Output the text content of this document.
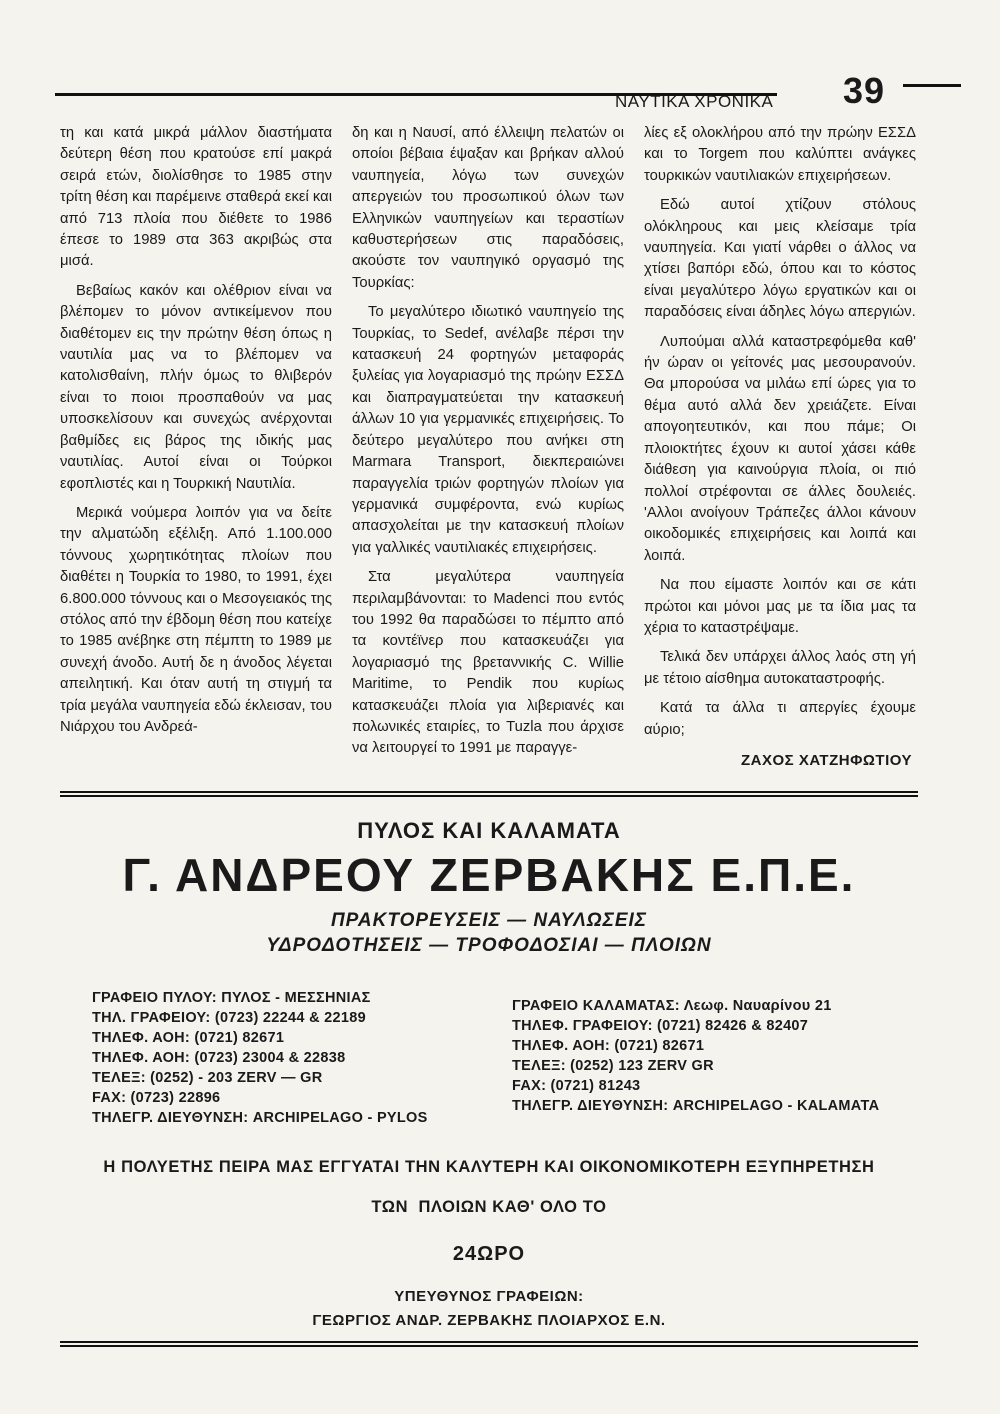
ΝΑΥΤΙΚΑ ΧΡΟΝΙΚΑ 39

τη και κατά μικρά μάλλον διαστήματα δεύτερη θέση που κρατούσε επί μακρά σειρά ετών, διολίσθησε το 1985 στην τρίτη θέση και παρέμεινε σταθερά εκεί και από 713 πλοία που διέθετε το 1986 έπεσε το 1989 στα 363 ακριβώς στα μισά.

Βεβαίως κακόν και ολέθριον είναι να βλέπομεν το μόνον αντικείμενον που διαθέτομεν εις την πρώτην θέση όπως η ναυτιλία μας να το βλέπομεν να κατολισθαίνη, πλήν όμως το θλιβερόν είναι το ποιοι προσπαθούν να μας υποσκελίσουν και συνεχώς ανέρχονται βαθμίδες εις βάρος της ιδικής μας ναυτιλίας. Αυτοί είναι οι Τούρκοι εφοπλιστές και η Τουρκική Ναυτιλία.

Μερικά νούμερα λοιπόν για να δείτε την αλματώδη εξέλιξη. Από 1.100.000 τόννους χωρητικότητας πλοίων που διαθέτει η Τουρκία το 1980, το 1991, έχει 6.800.000 τόννους και ο Μεσογειακός της στόλος από την έβδομη θέση που κατείχε το 1985 ανέβηκε στη πέμπτη το 1989 με συνεχή άνοδο. Αυτή δε η άνοδος λέγεται απειλητική. Και όταν αυτή τη στιγμή τα τρία μεγάλα ναυπηγεία εδώ έκλεισαν, του Νιάρχου του Ανδρεά-

δη και η Ναυσί, από έλλειψη πελατών οι οποίοι βέβαια έψαξαν και βρήκαν αλλού ναυπηγεία, λόγω των συνεχών απεργειών του προσωπικού όλων των Ελληνικών ναυπηγείων και τεραστίων καθυστερήσεων στις παραδόσεις, ακούστε τον ναυπηγικό οργασμό της Τουρκίας:

Το μεγαλύτερο ιδιωτικό ναυπηγείο της Τουρκίας, το Sedef, ανέλαβε πέρσι την κατασκευή 24 φορτηγών μεταφοράς ξυλείας για λογαριασμό της πρώην ΕΣΣΔ και διαπραγματεύεται την κατασκευή άλλων 10 για γερμανικές επιχειρήσεις. Το δεύτερο μεγαλύτερο που ανήκει στη Marmara Transport, διεκπεραιώνει παραγγελία τριών φορτηγών πλοίων για γερμανικά συμφέροντα, ενώ κυρίως απασχολείται με την κατασκευή πλοίων για γαλλικές ναυτιλιακές επιχειρήσεις.

Στα μεγαλύτερα ναυπηγεία περιλαμβάνονται: το Madenci που εντός του 1992 θα παραδώσει το πέμπτο από τα κοντέϊνερ που κατασκευάζει για λογαριασμό της βρεταννικής C. Willie Maritime, το Pendik που κυρίως κατασκευάζει πλοία για λιβεριανές και πολωνικές εταιρίες, το Tuzla που άρχισε να λειτουργεί το 1991 με παραγγε-

λίες εξ ολοκλήρου από την πρώην ΕΣΣΔ και το Torgem που καλύπτει ανάγκες τουρκικών ναυτιλιακών επιχειρήσεων.

Εδώ αυτοί χτίζουν στόλους ολόκληρους και μεις κλείσαμε τρία ναυπηγεία. Και γιατί νάρθει ο άλλος να χτίσει βαπόρι εδώ, όπου και το κόστος είναι μεγαλύτερο λόγω εργατικών και οι παραδόσεις είναι άδηλες λόγω απεργιών.

Λυπούμαι αλλά καταστρεφόμεθα καθ' ήν ώραν οι γείτονές μας μεσουρανούν. Θα μπορούσα να μιλάω επί ώρες για το θέμα αυτό αλλά δεν χρειάζετε. Είναι απογοητευτικόν, και που πάμε; Οι πλοιοκτήτες έχουν κι αυτοί χάσει κάθε διάθεση για καινούργια πλοία, οι πιό πολλοί στρέφονται σε άλλες δουλειές. 'Αλλοι ανοίγουν Τράπεζες άλλοι κάνουν οικοδομικές επιχειρήσεις και λοιπά και λοιπά.

Να που είμαστε λοιπόν και σε κάτι πρώτοι και μόνοι μας με τα ίδια μας τα χέρια το καταστρέψαμε.

Τελικά δεν υπάρχει άλλος λαός στη γή με τέτοιο αίσθημα αυτοκαταστροφής.

Κατά τα άλλα τι απεργίες έχουμε αύριο;

ΖΑΧΟΣ ΧΑΤΖΗΦΩΤΙΟΥ
ΠΥΛΟΣ ΚΑΙ ΚΑΛΑΜΑΤΑ
Γ. ΑΝΔΡΕΟΥ ΖΕΡΒΑΚΗΣ Ε.Π.Ε.
ΠΡΑΚΤΟΡΕΥΣΕΙΣ — ΝΑΥΛΩΣΕΙΣ
ΥΔΡΟΔΟΤΗΣΕΙΣ — ΤΡΟΦΟΔΟΣΙΑΙ — ΠΛΟΙΩΝ
ΓΡΑΦΕΙΟ ΠΥΛΟΥ: ΠΥΛΟΣ - ΜΕΣΣΗΝΙΑΣ
ΤΗΛ. ΓΡΑΦΕΙΟΥ: (0723) 22244 & 22189
ΤΗΛΕΦ. ΑΟΗ: (0721) 82671
ΤΗΛΕΦ. ΑΟΗ: (0723) 23004 & 22838
ΤΕΛΕΞ: (0252) - 203 ZERV — GR
FAX: (0723) 22896
ΤΗΛΕΓΡ. ΔΙΕΥΘΥΝΣΗ: ARCHIPELAGO - PYLOS
ΓΡΑΦΕΙΟ ΚΑΛΑΜΑΤΑΣ: Λεωφ. Ναυαρίνου 21
ΤΗΛΕΦ. ΓΡΑΦΕΙΟΥ: (0721) 82426 & 82407
ΤΗΛΕΦ. ΑΟΗ: (0721) 82671
ΤΕΛΕΞ: (0252) 123 ZERV GR
FAX: (0721) 81243
ΤΗΛΕΓΡ. ΔΙΕΥΘΥΝΣΗ: ARCHIPELAGO - KALAMATA
Η ΠΟΛΥΕΤΗΣ ΠΕΙΡΑ ΜΑΣ ΕΓΓΥΑΤΑΙ ΤΗΝ ΚΑΛΥΤΕΡΗ ΚΑΙ ΟΙΚΟΝΟΜΙΚΟΤΕΡΗ ΕΞΥΠΗΡΕΤΗΣΗ
ΤΩΝ  ΠΛΟΙΩΝ ΚΑΘ' ΟΛΟ ΤΟ
24ΩΡΟ
ΥΠΕΥΘΥΝΟΣ ΓΡΑΦΕΙΩΝ:
ΓΕΩΡΓΙΟΣ ΑΝΔΡ. ΖΕΡΒΑΚΗΣ ΠΛΟΙΑΡΧΟΣ Ε.Ν.
